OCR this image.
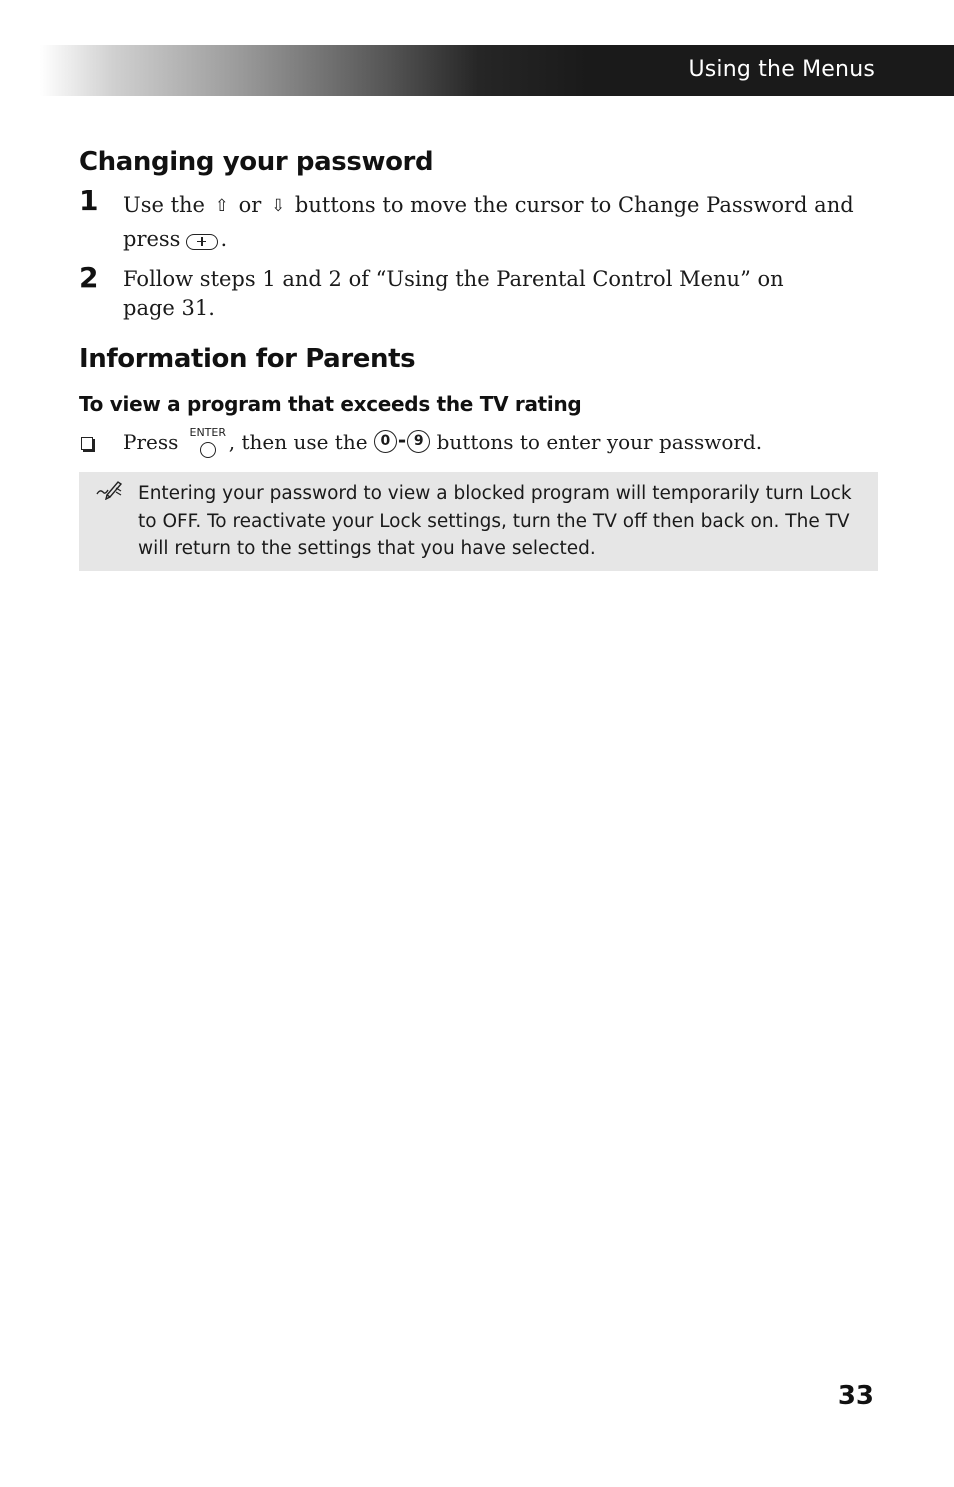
Using the Menus
Changing your password
1 Use the ⇧ or ⇩ buttons to move the cursor to Change Password and press .
2 Follow steps 1 and 2 of “Using the Parental Control Menu” on page 31.
Information for Parents
To view a program that exceeds the TV rating
Press ENTER , then use the 0 - 9 buttons to enter your password.
Entering your password to view a blocked program will temporarily turn Lock to OFF. To reactivate your Lock settings, turn the TV off then back on. The TV will return to the settings that you have selected.
33
